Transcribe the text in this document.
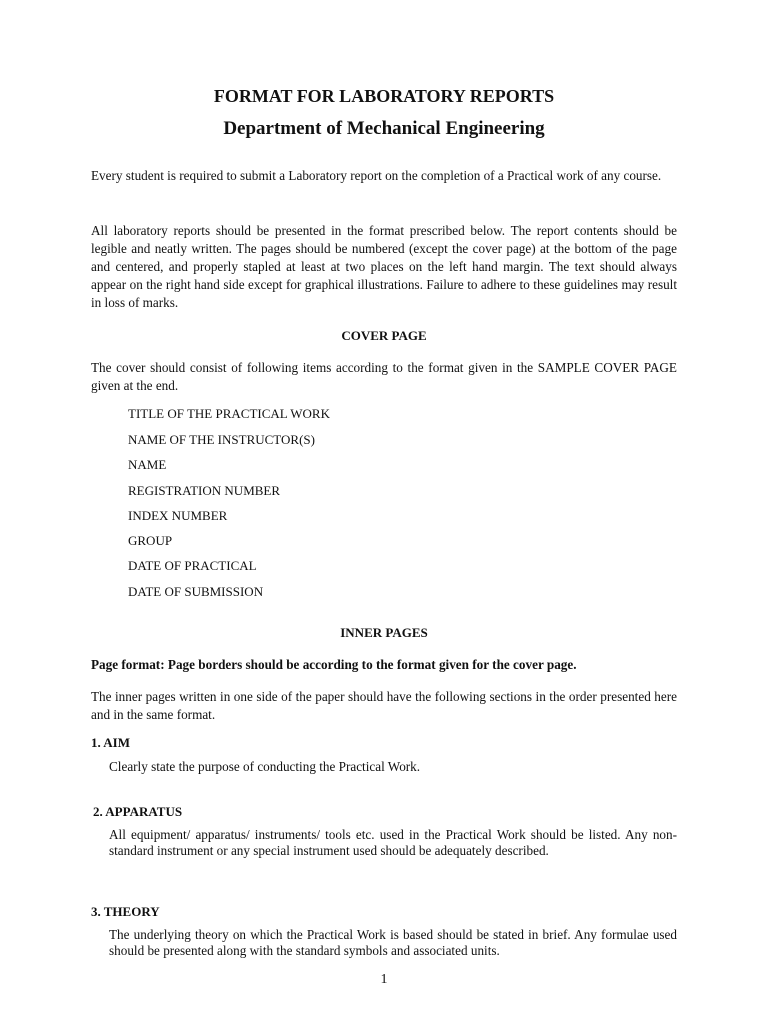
FORMAT FOR LABORATORY REPORTS
Department of Mechanical Engineering
Every student is required to submit a Laboratory report on the completion of a Practical work of any course.
All laboratory reports should be presented in the format prescribed below. The report contents should be legible and neatly written. The pages should be numbered (except the cover page) at the bottom of the page and centered, and properly stapled at least at two places on the left hand margin. The text should always appear on the right hand side except for graphical illustrations. Failure to adhere to these guidelines may result in loss of marks.
COVER PAGE
The cover should consist of following items according to the format given in the SAMPLE COVER PAGE given at the end.
TITLE OF THE PRACTICAL WORK
NAME OF THE INSTRUCTOR(S)
NAME
REGISTRATION NUMBER
INDEX NUMBER
GROUP
DATE OF PRACTICAL
DATE OF SUBMISSION
INNER PAGES
Page format: Page borders should be according to the format given for the cover page.
The inner pages written in one side of the paper should have the following sections in the order presented here and in the same format.
1. AIM
Clearly state the purpose of conducting the Practical Work.
2. APPARATUS
All equipment/ apparatus/ instruments/ tools etc. used in the Practical Work should be listed. Any non-standard instrument or any special instrument used should be adequately described.
3. THEORY
The underlying theory on which the Practical Work is based should be stated in brief. Any formulae used should be presented along with the standard symbols and associated units.
1
